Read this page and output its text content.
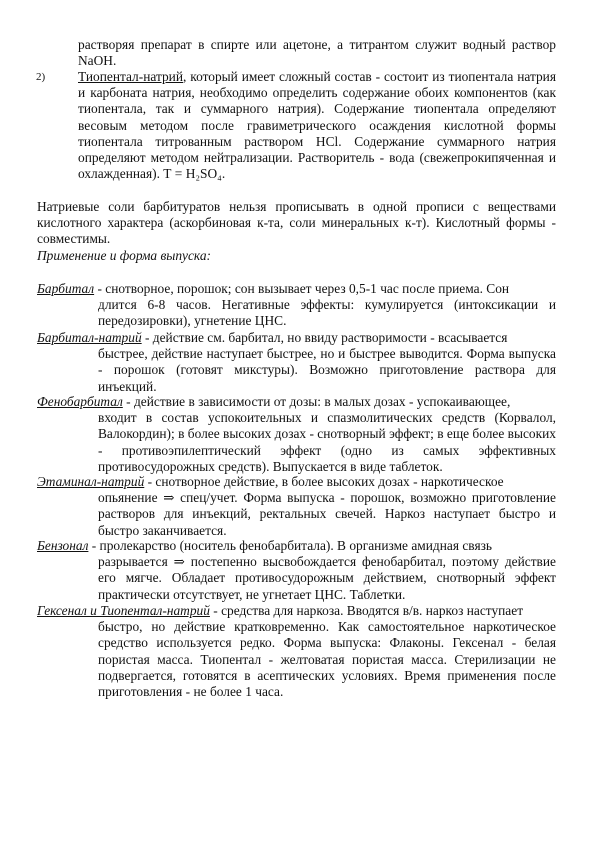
растворяя препарат в спирте или ацетоне, а титрантом служит водный раствор NaOH.
2) Тиопентал-натрий, который имеет сложный состав - состоит из тиопентала натрия и карбоната натрия, необходимо определить содержание обоих компонентов (как тиопентала, так и суммарного натрия). Содержание тиопентала определяют весовым методом после гравиметрического осаждения кислотной формы тиопентала титрованным раствором HCl. Содержание суммарного натрия определяют методом нейтрализации. Растворитель - вода (свежепрокипяченная и охлажденная). Т = H₂SO₄.
Натриевые соли барбитуратов нельзя прописывать в одной прописи с веществами кислотного характера (аскорбиновая к-та, соли минеральных к-т). Кислотный формы - совместимы.
Применение и форма выпуска:
Барбитал - снотворное, порошок; сон вызывает через 0,5-1 час после приема. Сон
длится 6-8 часов. Негативные эффекты: кумулируется (интоксикации и передозировки), угнетение ЦНС.
Барбитал-натрий - действие см. барбитал, но ввиду растворимости - всасывается
быстрее, действие наступает быстрее, но и быстрее выводится. Форма выпуска - порошок (готовят микстуры). Возможно приготовление раствора для инъекций.
Фенобарбитал - действие в зависимости от дозы: в малых дозах - успокаивающее,
входит в состав успокоительных и спазмолитических средств (Корвалол, Валокордин); в более высоких дозах - снотворный эффект; в еще более высоких - противоэпилептический эффект (одно из самых эффективных противосудорожных средств). Выпускается в виде таблеток.
Этаминал-натрий - снотворное действие, в более высоких дозах - наркотическое
опьянение ⇒ спец/учет. Форма выпуска - порошок, возможно приготовление растворов для инъекций, ректальных свечей. Наркоз наступает быстро и быстро заканчивается.
Бензонал - пролекарство (носитель фенобарбитала). В организме амидная связь
разрывается ⇒ постепенно высвобождается фенобарбитал, поэтому действие его мягче. Обладает противосудорожным действием, снотворный эффект практически отсутствует, не угнетает ЦНС. Таблетки.
Гексенал и Тиопентал-натрий - средства для наркоза. Вводятся в/в. наркоз наступает
быстро, но действие кратковременно. Как самостоятельное наркотическое средство используется редко. Форма выпуска: Флаконы. Гексенал - белая пористая масса. Тиопентал - желтоватая пористая масса. Стерилизации не подвергается, готовятся в асептических условиях. Время применения после приготовления - не более 1 часа.
